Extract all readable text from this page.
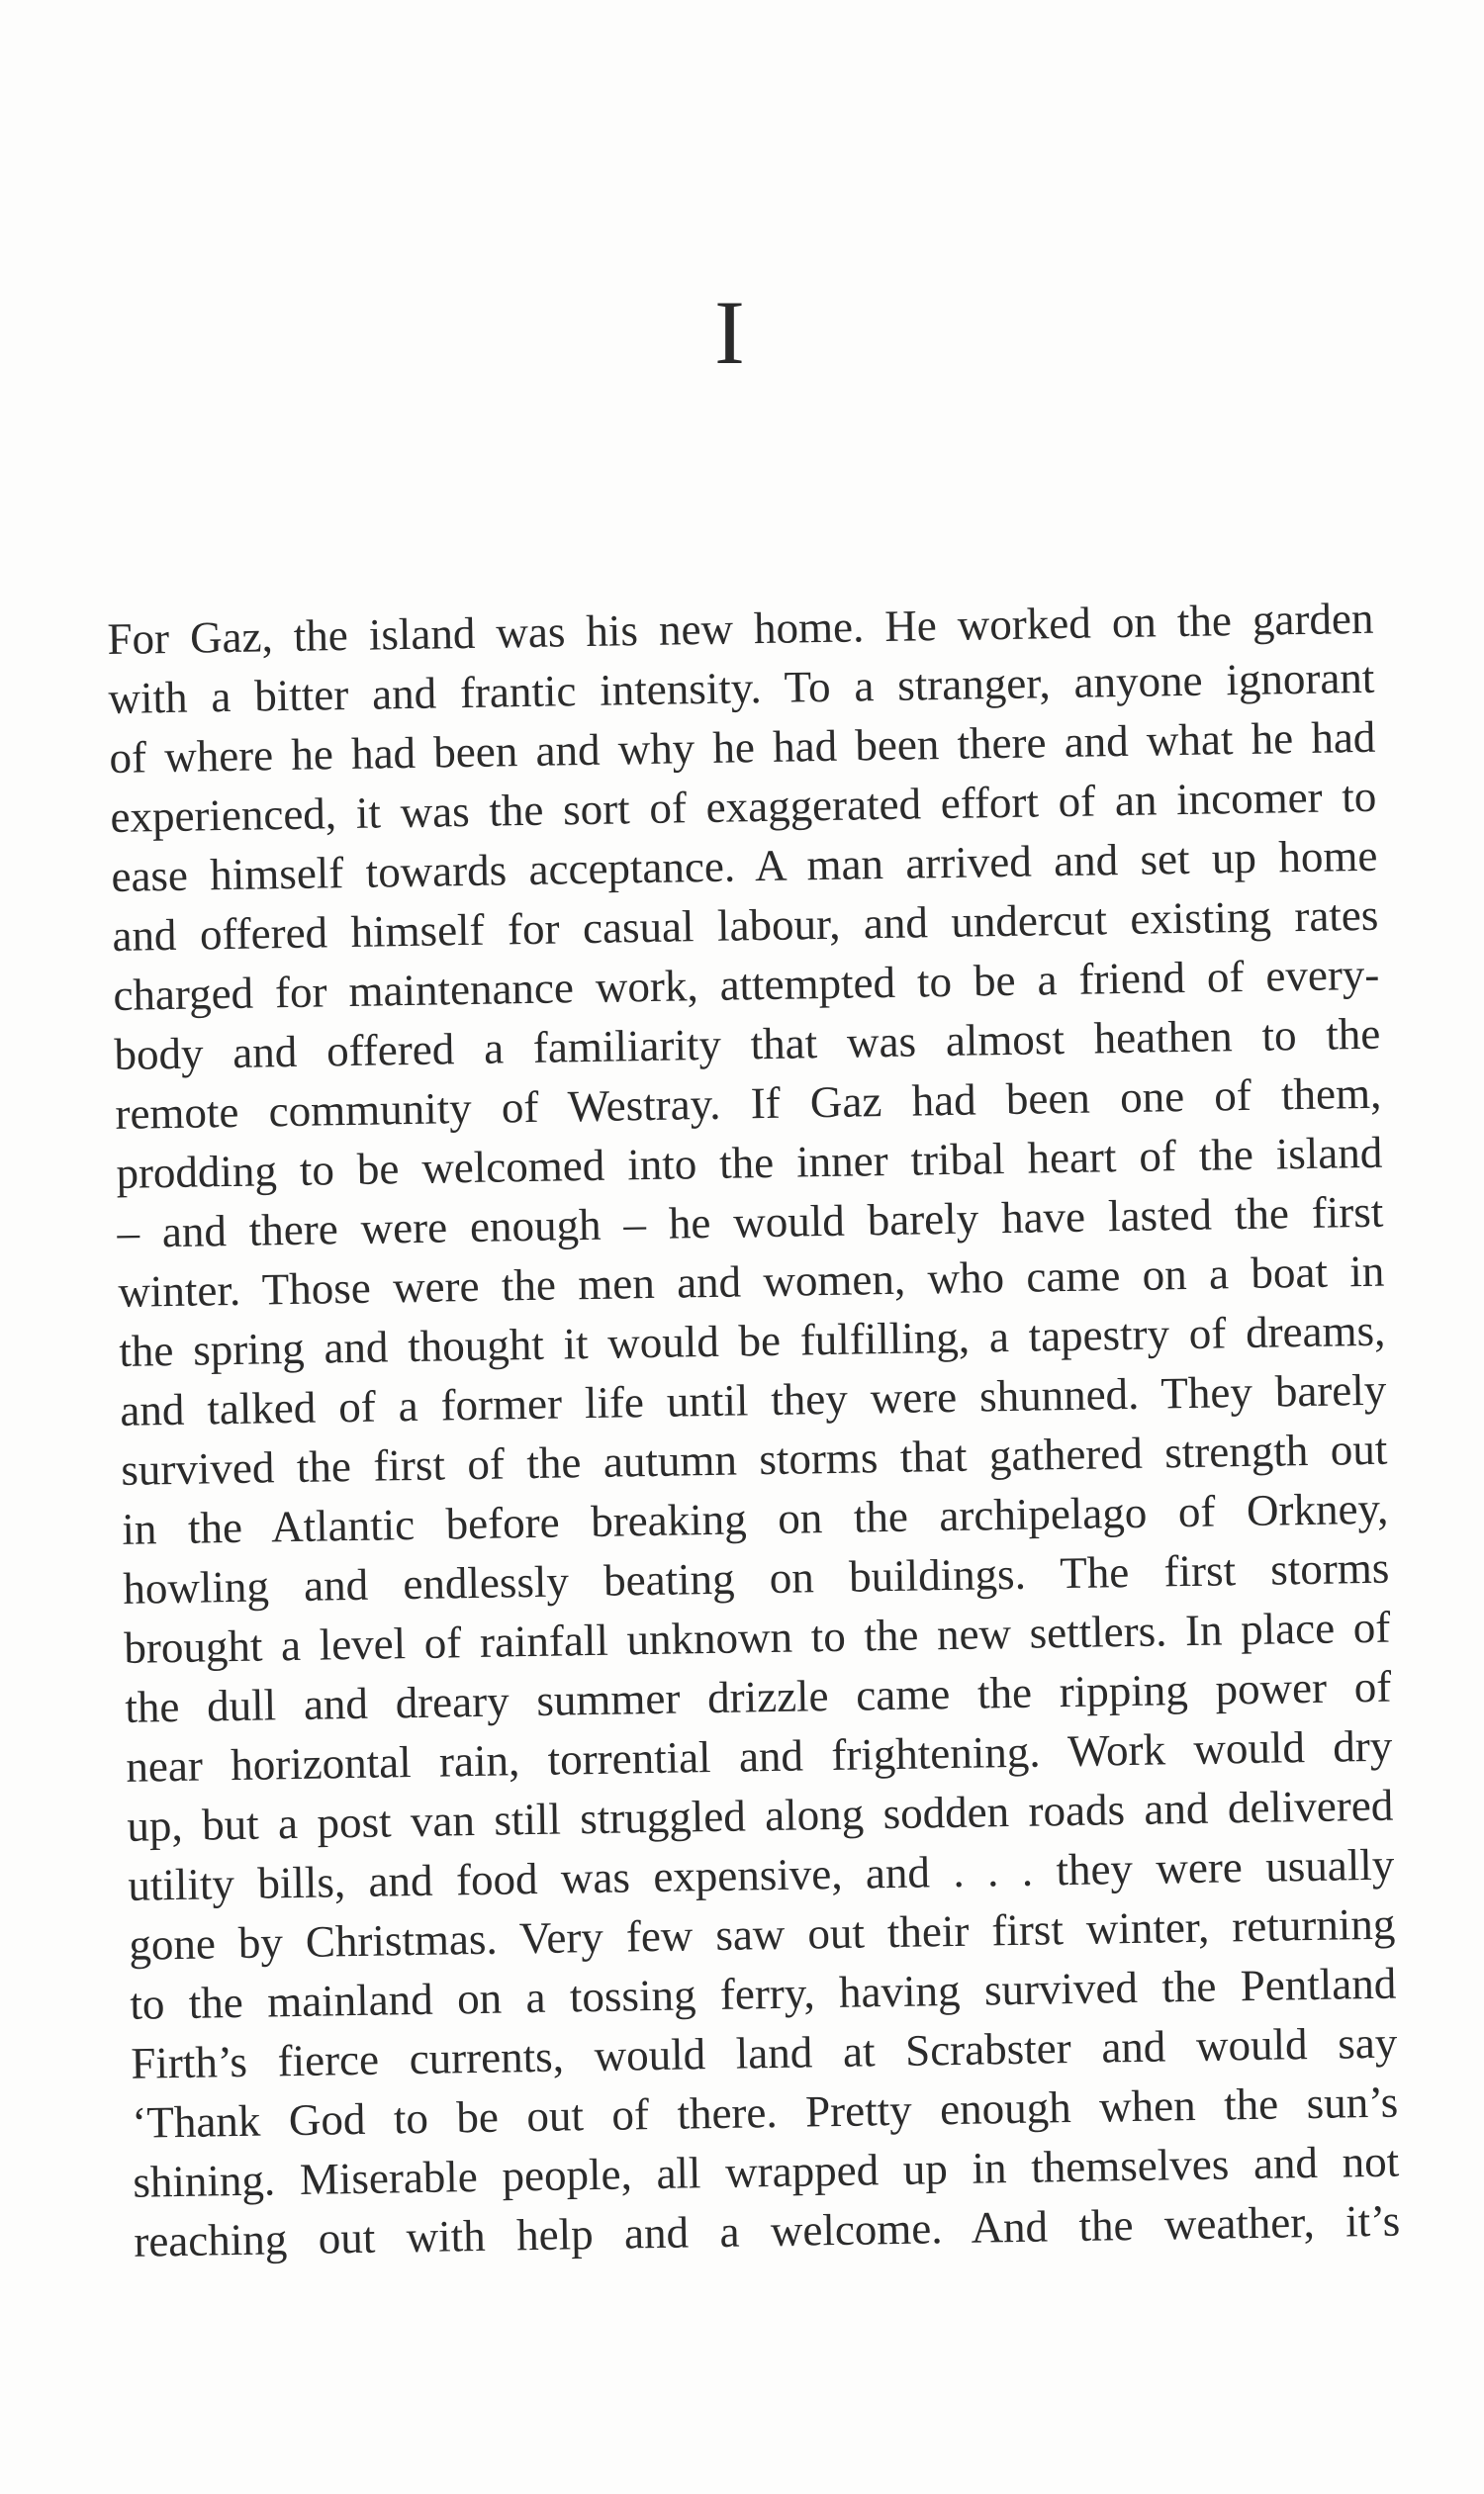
I
For Gaz, the island was his new home. He worked on the garden
with a bitter and frantic intensity. To a stranger, anyone ignorant
of where he had been and why he had been there and what he had
experienced, it was the sort of exaggerated effort of an incomer to
ease himself towards acceptance. A man arrived and set up home
and offered himself for casual labour, and undercut existing rates
charged for maintenance work, attempted to be a friend of every-
body and offered a familiarity that was almost heathen to the
remote community of Westray. If Gaz had been one of them,
prodding to be welcomed into the inner tribal heart of the island
– and there were enough – he would barely have lasted the first
winter. Those were the men and women, who came on a boat in
the spring and thought it would be fulfilling, a tapestry of dreams,
and talked of a former life until they were shunned. They barely
survived the first of the autumn storms that gathered strength out
in the Atlantic before breaking on the archipelago of Orkney,
howling and endlessly beating on buildings. The first storms
brought a level of rainfall unknown to the new settlers. In place of
the dull and dreary summer drizzle came the ripping power of
near horizontal rain, torrential and frightening. Work would dry
up, but a post van still struggled along sodden roads and delivered
utility bills, and food was expensive, and . . . they were usually
gone by Christmas. Very few saw out their first winter, returning
to the mainland on a tossing ferry, having survived the Pentland
Firth’s fierce currents, would land at Scrabster and would say
‘Thank God to be out of there. Pretty enough when the sun’s
shining. Miserable people, all wrapped up in themselves and not
reaching out with help and a welcome. And the weather, it’s
